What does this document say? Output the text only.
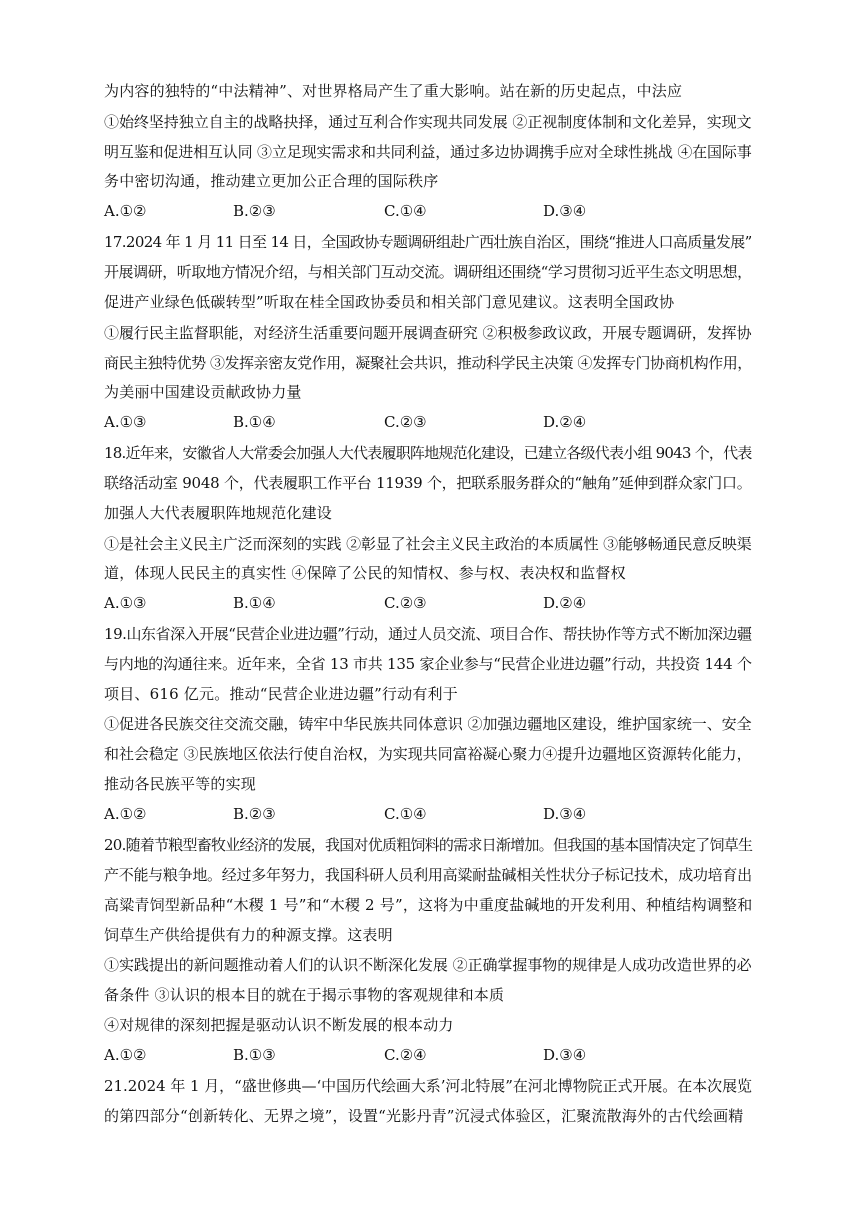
为内容的独特的“中法精神”、对世界格局产生了重大影响。站在新的历史起点，中法应
①始终坚持独立自主的战略抉择，通过互利合作实现共同发展 ②正视制度体制和文化差异，实现文
明互鉴和促进相互认同 ③立足现实需求和共同利益，通过多边协调携手应对全球性挑战 ④在国际事
务中密切沟通，推动建立更加公正合理的国际秩序
A.①②	B.②③	C.①④	D.③④
17.2024 年 1 月 11 日至 14 日，全国政协专题调研组赴广西壮族自治区，围绕“推进人口高质量发展”
开展调研，听取地方情况介绍，与相关部门互动交流。调研组还围绕“学习贯彻习近平生态文明思想，
促进产业绿色低碳转型”听取在桂全国政协委员和相关部门意见建议。这表明全国政协
①履行民主监督职能，对经济生活重要问题开展调查研究 ②积极参政议政，开展专题调研，发挥协
商民主独特优势 ③发挥亲密友党作用，凝聚社会共识，推动科学民主决策 ④发挥专门协商机构作用，
为美丽中国建设贡献政协力量
A.①③	B.①④	C.②③	D.②④
18.近年来，安徽省人大常委会加强人大代表履职阵地规范化建设，已建立各级代表小组 9043 个，代表
联络活动室 9048 个，代表履职工作平台 11939 个，把联系服务群众的“触角”延伸到群众家门口。
加强人大代表履职阵地规范化建设
①是社会主义民主广泛而深刻的实践 ②彰显了社会主义民主政治的本质属性 ③能够畅通民意反映渠
道，体现人民民主的真实性 ④保障了公民的知情权、参与权、表决权和监督权
A.①③	B.①④	C.②③	D.②④
19.山东省深入开展“民营企业进边疆”行动，通过人员交流、项目合作、帮扶协作等方式不断加深边疆
与内地的沟通往来。近年来，全省 13 市共 135 家企业参与“民营企业进边疆”行动，共投资 144 个
项目、616 亿元。推动“民营企业进边疆”行动有利于
①促进各民族交往交流交融，铸牢中华民族共同体意识 ②加强边疆地区建设，维护国家统一、安全
和社会稳定 ③民族地区依法行使自治权，为实现共同富裕凝心聚力④提升边疆地区资源转化能力，
推动各民族平等的实现
A.①②	B.②③	C.①④	D.③④
20.随着节粮型畜牧业经济的发展，我国对优质粗饲料的需求日渐增加。但我国的基本国情决定了饲草生
产不能与粮争地。经过多年努力，我国科研人员利用高粱耐盐碱相关性状分子标记技术，成功培育出
高粱青饲型新品种“木稷 1 号”和“木稷 2 号”，这将为中重度盐碱地的开发利用、种植结构调整和
饲草生产供给提供有力的种源支撑。这表明
①实践提出的新问题推动着人们的认识不断深化发展 ②正确掌握事物的规律是人成功改造世界的必
备条件 ③认识的根本目的就在于揭示事物的客观规律和本质
④对规律的深刻把握是驱动认识不断发展的根本动力
A.①②	B.①③	C.②④	D.③④
21.2024 年 1 月，“盛世修典—‘中国历代绘画大系’河北特展”在河北博物院正式开展。在本次展览
的第四部分“创新转化、无界之境”，设置“光影丹青”沉浸式体验区，汇聚流散海外的古代绘画精
